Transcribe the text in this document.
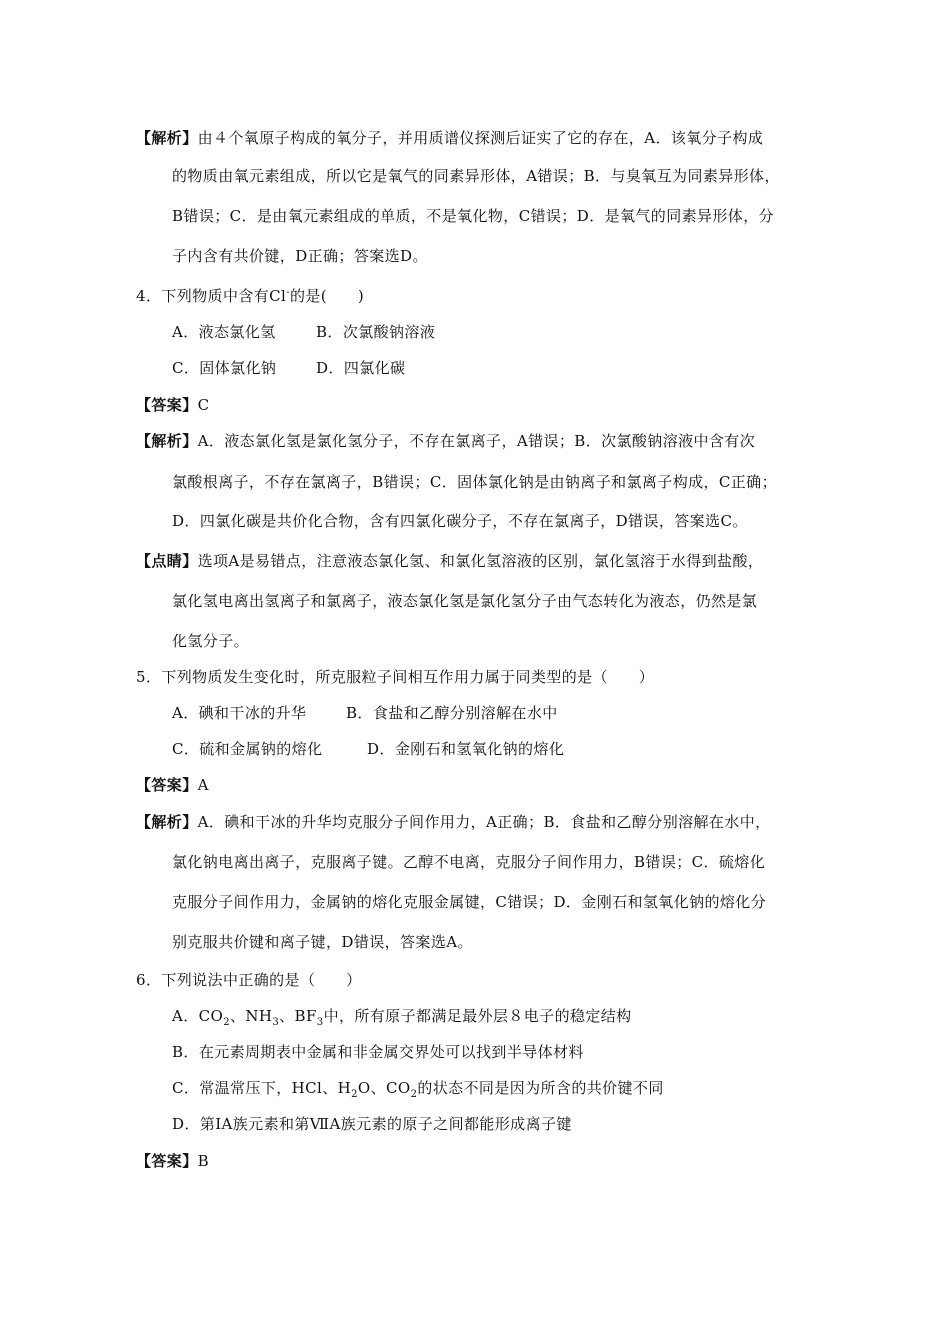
【解析】由４个氧原子构成的氧分子，并用质谱仪探测后证实了它的存在，A．该氧分子构成
的物质由氧元素组成，所以它是氧气的同素异形体，A错误；B．与臭氧互为同素异形体，
B错误；C．是由氧元素组成的单质，不是氧化物，C错误；D．是氧气的同素异形体，分
子内含有共价键，D正确；答案选D。
4．下列物质中含有Cl-的是(　　)
A．液态氯化氢	B．次氯酸钠溶液
C．固体氯化钠	D．四氯化碳
【答案】C
【解析】A．液态氯化氢是氯化氢分子，不存在氯离子，A错误；B．次氯酸钠溶液中含有次
氯酸根离子，不存在氯离子，B错误；C．固体氯化钠是由钠离子和氯离子构成，C正确；
D．四氯化碳是共价化合物，含有四氯化碳分子，不存在氯离子，D错误，答案选C。
【点睛】选项A是易错点，注意液态氯化氢、和氯化氢溶液的区别，氯化氢溶于水得到盐酸，
氯化氢电离出氢离子和氯离子，液态氯化氢是氯化氢分子由气态转化为液态，仍然是氯
化氢分子。
5．下列物质发生变化时，所克服粒子间相互作用力属于同类型的是（　　）
A．碘和干冰的升华	B．食盐和乙醇分别溶解在水中
C．硫和金属钠的熔化	D．金刚石和氢氧化钠的熔化
【答案】A
【解析】A．碘和干冰的升华均克服分子间作用力，A正确；B．食盐和乙醇分别溶解在水中，
氯化钠电离出离子，克服离子键。乙醇不电离，克服分子间作用力，B错误；C．硫熔化
克服分子间作用力，金属钠的熔化克服金属键，C错误；D．金刚石和氢氧化钠的熔化分
别克服共价键和离子键，D错误，答案选A。
6．下列说法中正确的是（　　）
A．$CO_2$、$NH_3$、$BF_3$中，所有原子都满足最外层８电子的稳定结构
B．在元素周期表中金属和非金属交界处可以找到半导体材料
C．常温常压下，HCl、$H_2O$、$CO_2$的状态不同是因为所含的共价键不同
D．第ⅠA族元素和第ⅦA族元素的原子之间都能形成离子键
【答案】B
